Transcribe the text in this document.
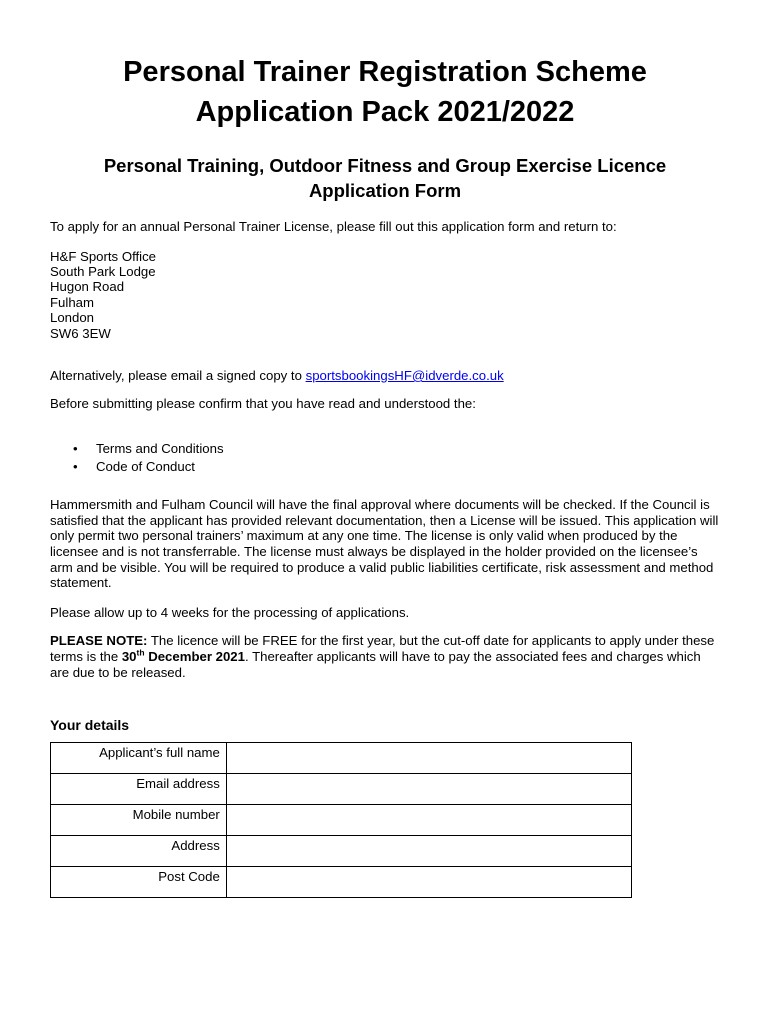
Personal Trainer Registration Scheme
Application Pack 2021/2022
Personal Training, Outdoor Fitness and Group Exercise Licence
Application Form

To apply for an annual Personal Trainer License, please fill out this application form and return to:

H&F Sports Office
South Park Lodge
Hugon Road
Fulham
London
SW6 3EW

Alternatively, please email a signed copy to sportsbookingsHF@idverde.co.uk

Before submitting please confirm that you have read and understood the:

• Terms and Conditions
• Code of Conduct

Hammersmith and Fulham Council will have the final approval where documents will be checked. If the Council is satisfied that the applicant has provided relevant documentation, then a License will be issued. This application will only permit two personal trainers’ maximum at any one time. The license is only valid when produced by the licensee and is not transferrable. The license must always be displayed in the holder provided on the licensee’s arm and be visible. You will be required to produce a valid public liabilities certificate, risk assessment and method statement.

Please allow up to 4 weeks for the processing of applications.

PLEASE NOTE: The licence will be FREE for the first year, but the cut-off date for applicants to apply under these terms is the 30th December 2021. Thereafter applicants will have to pay the associated fees and charges which are due to be released.

Your details
Applicant’s full name	
Email address	
Mobile number	
Address	
Post Code	
